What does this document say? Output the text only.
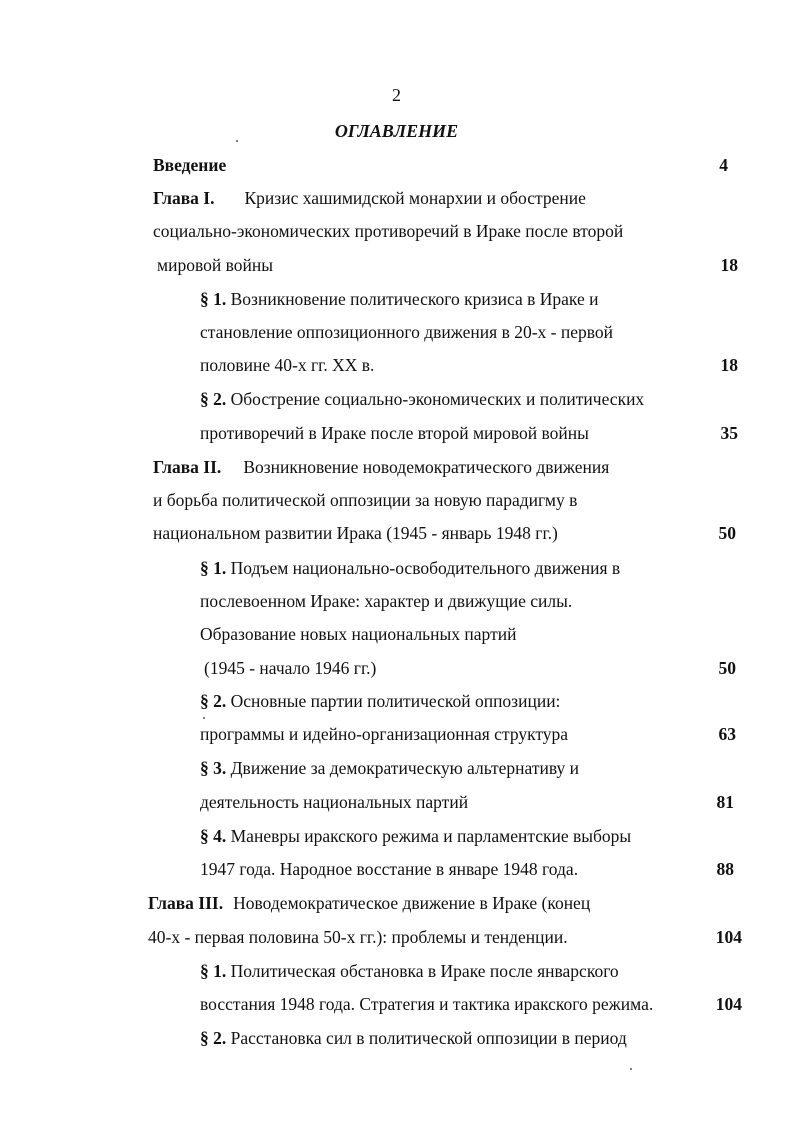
2
ОГЛАВЛЕНИЕ
Введение	4
Глава I. Кризис хашимидской монархии и обострение
социально-экономических противоречий в Ираке после второй
мировой войны	18
§ 1. Возникновение политического кризиса в Ираке и
становление оппозиционного движения в 20-х - первой
половине 40-х гг. XX в.	18
§ 2. Обострение социально-экономических и политических
противоречий в Ираке после второй мировой войны	35
Глава II. Возникновение новодемократического движения
и борьба политической оппозиции за новую парадигму в
национальном развитии Ирака (1945 - январь 1948 гг.)	50
§ 1. Подъем национально-освободительного движения в
послевоенном Ираке: характер и движущие силы.
Образование новых национальных партий
(1945 - начало 1946 гг.)	50
§ 2. Основные партии политической оппозиции:
программы и идейно-организационная структура	63
§ 3. Движение за демократическую альтернативу и
деятельность национальных партий	81
§ 4. Маневры иракского режима и парламентские выборы
1947 года. Народное восстание в январе 1948 года.	88
Глава III. Новодемократическое движение в Ираке (конец
40-х - первая половина 50-х гг.): проблемы и тенденции.	104
§ 1. Политическая обстановка в Ираке после январского
восстания 1948 года. Стратегия и тактика иракского режима.	104
§ 2. Расстановка сил в политической оппозиции в период
